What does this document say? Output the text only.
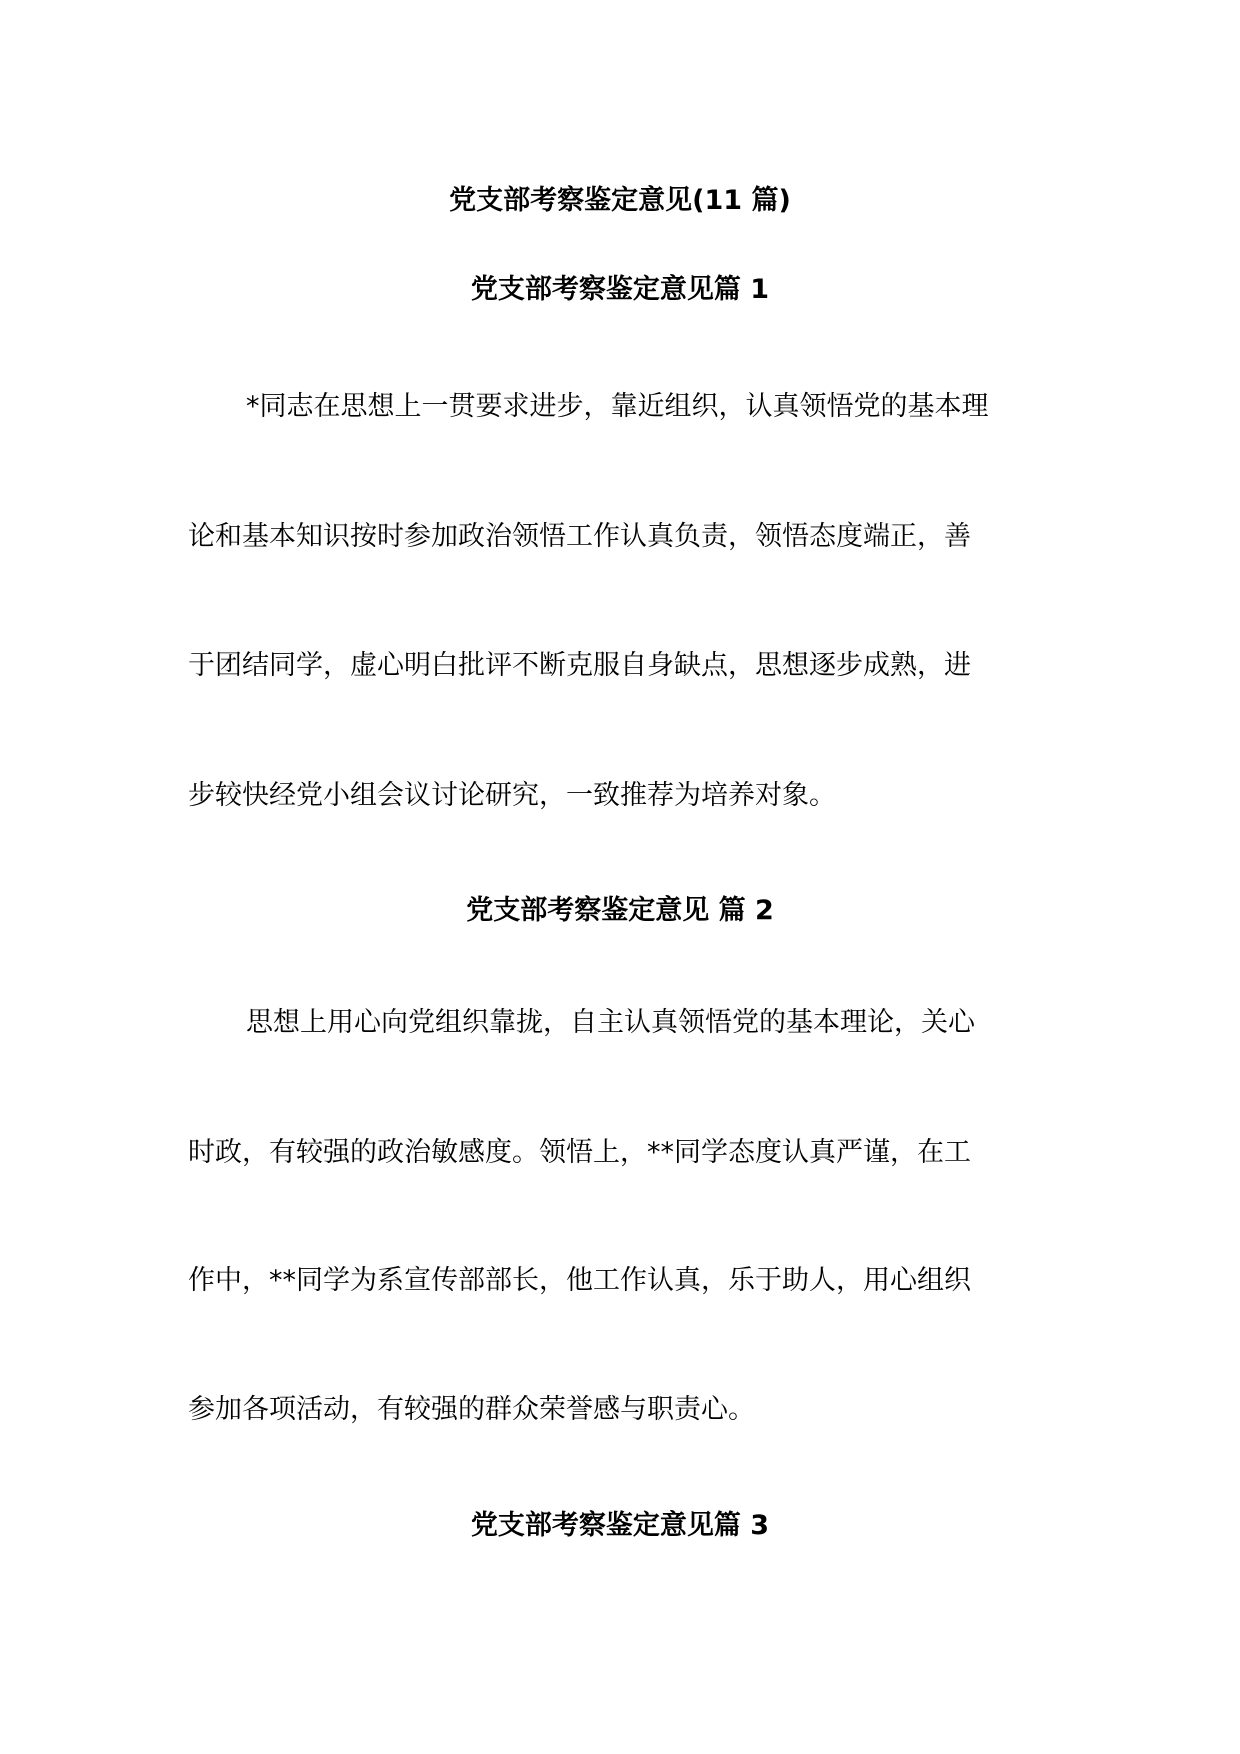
党支部考察鉴定意见(11 篇)
党支部考察鉴定意见篇 1
*同志在思想上一贯要求进步，靠近组织，认真领悟党的基本理
论和基本知识按时参加政治领悟工作认真负责，领悟态度端正，善
于团结同学，虚心明白批评不断克服自身缺点，思想逐步成熟，进
步较快经党小组会议讨论研究，一致推荐为培养对象。
党支部考察鉴定意见 篇 2
思想上用心向党组织靠拢，自主认真领悟党的基本理论，关心
时政，有较强的政治敏感度。领悟上，**同学态度认真严谨，在工
作中，**同学为系宣传部部长，他工作认真，乐于助人，用心组织
参加各项活动，有较强的群众荣誉感与职责心。
党支部考察鉴定意见篇 3
